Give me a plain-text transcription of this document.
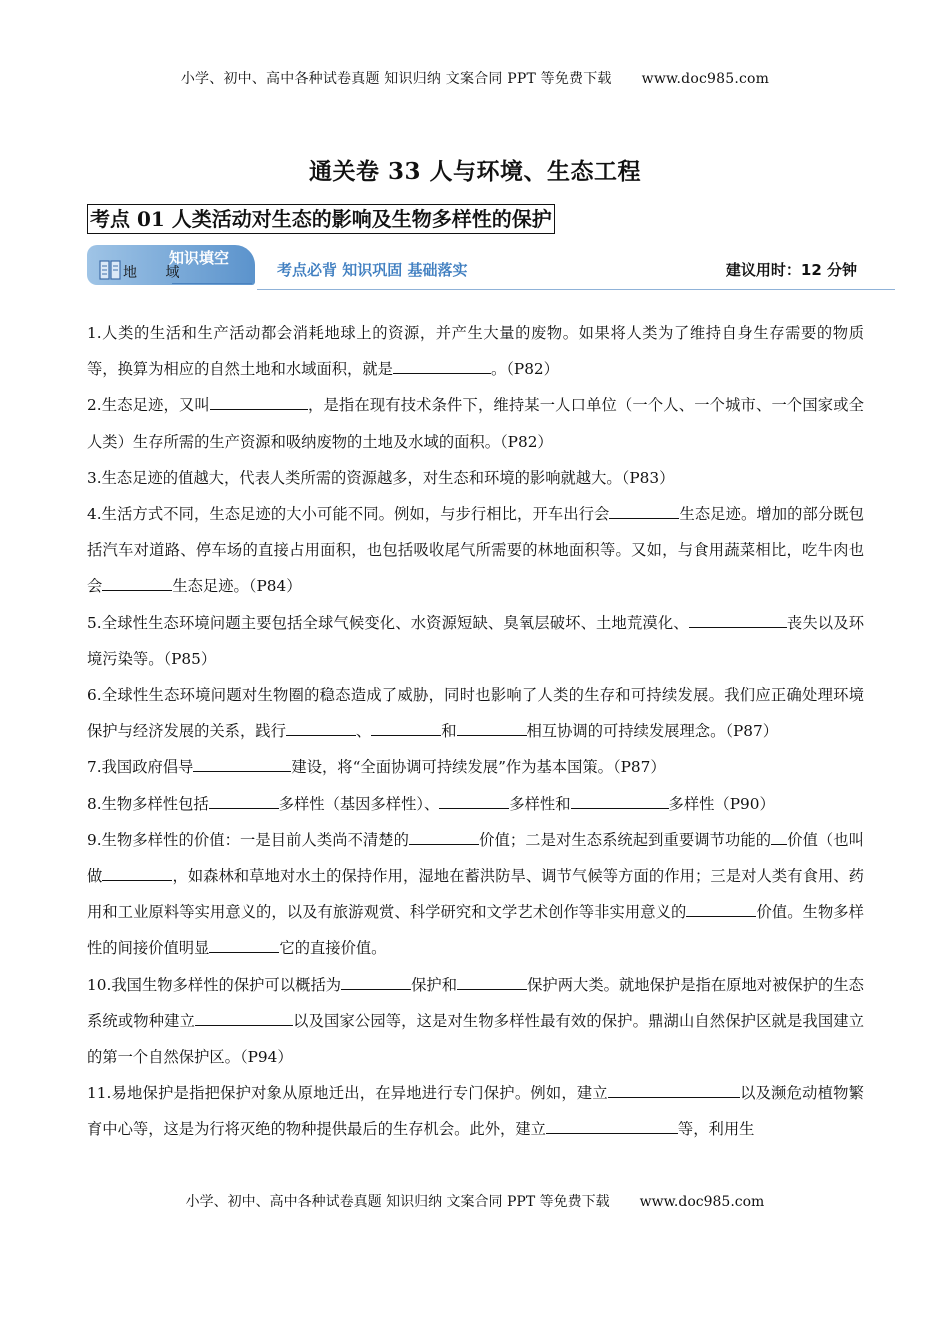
小学、初中、高中各种试卷真题 知识归纳 文案合同 PPT 等免费下载 www.doc985.com
通关卷 33 人与环境、生态工程
考点 01 人类活动对生态的影响及生物多样性的保护
知识填空
地 域	考点必背 知识巩固 基础落实	建议用时：12 分钟

1.人类的生活和生产活动都会消耗地球上的资源，并产生大量的废物。如果将人类为了维持自身生存需要的物质等，换算为相应的自然土地和水域面积，就是	。（P82）

2.生态足迹，又叫	，是指在现有技术条件下，维持某一人口单位（一个人、一个城市、一个国家或全人类）生存所需的生产资源和吸纳废物的土地及水域的面积。（P82）

3.生态足迹的值越大，代表人类所需的资源越多，对生态和环境的影响就越大。（P83）

4.生活方式不同，生态足迹的大小可能不同。例如，与步行相比，开车出行会	生态足迹。增加的部分既包括汽车对道路、停车场的直接占用面积，也包括吸收尾气所需要的林地面积等。又如，与食用蔬菜相比，吃牛肉也会	生态足迹。（P84）

5.全球性生态环境问题主要包括全球气候变化、水资源短缺、臭氧层破坏、土地荒漠化、	丧失以及环境污染等。（P85）

6.全球性生态环境问题对生物圈的稳态造成了威胁，同时也影响了人类的生存和可持续发展。我们应正确处理环境保护与经济发展的关系，践行	、	和	相互协调的可持续发展理念。（P87）

7.我国政府倡导	建设，将“全面协调可持续发展”作为基本国策。（P87）

8.生物多样性包括	多样性（基因多样性）、	多样性和	多样性（P90）

9.生物多样性的价值：一是目前人类尚不清楚的	价值；二是对生态系统起到重要调节功能的 价值（也叫做	，如森林和草地对水土的保持作用，湿地在蓄洪防旱、调节气候等方面的作用；三是对人类有食用、药用和工业原料等实用意义的，以及有旅游观赏、科学研究和文学艺术创作等非实用意义的	价值。生物多样性的间接价值明显	它的直接价值。

10.我国生物多样性的保护可以概括为	保护和	保护两大类。就地保护是指在原地对被保护的生态系统或物种建立	以及国家公园等，这是对生物多样性最有效的保护。鼎湖山自然保护区就是我国建立的第一个自然保护区。（P94）

11.易地保护是指把保护对象从原地迁出，在异地进行专门保护。例如，建立	以及濒危动植物繁育中心等，这是为行将灭绝的物种提供最后的生存机会。此外，建立	等，利用生

小学、初中、高中各种试卷真题 知识归纳 文案合同 PPT 等免费下载 www.doc985.com
